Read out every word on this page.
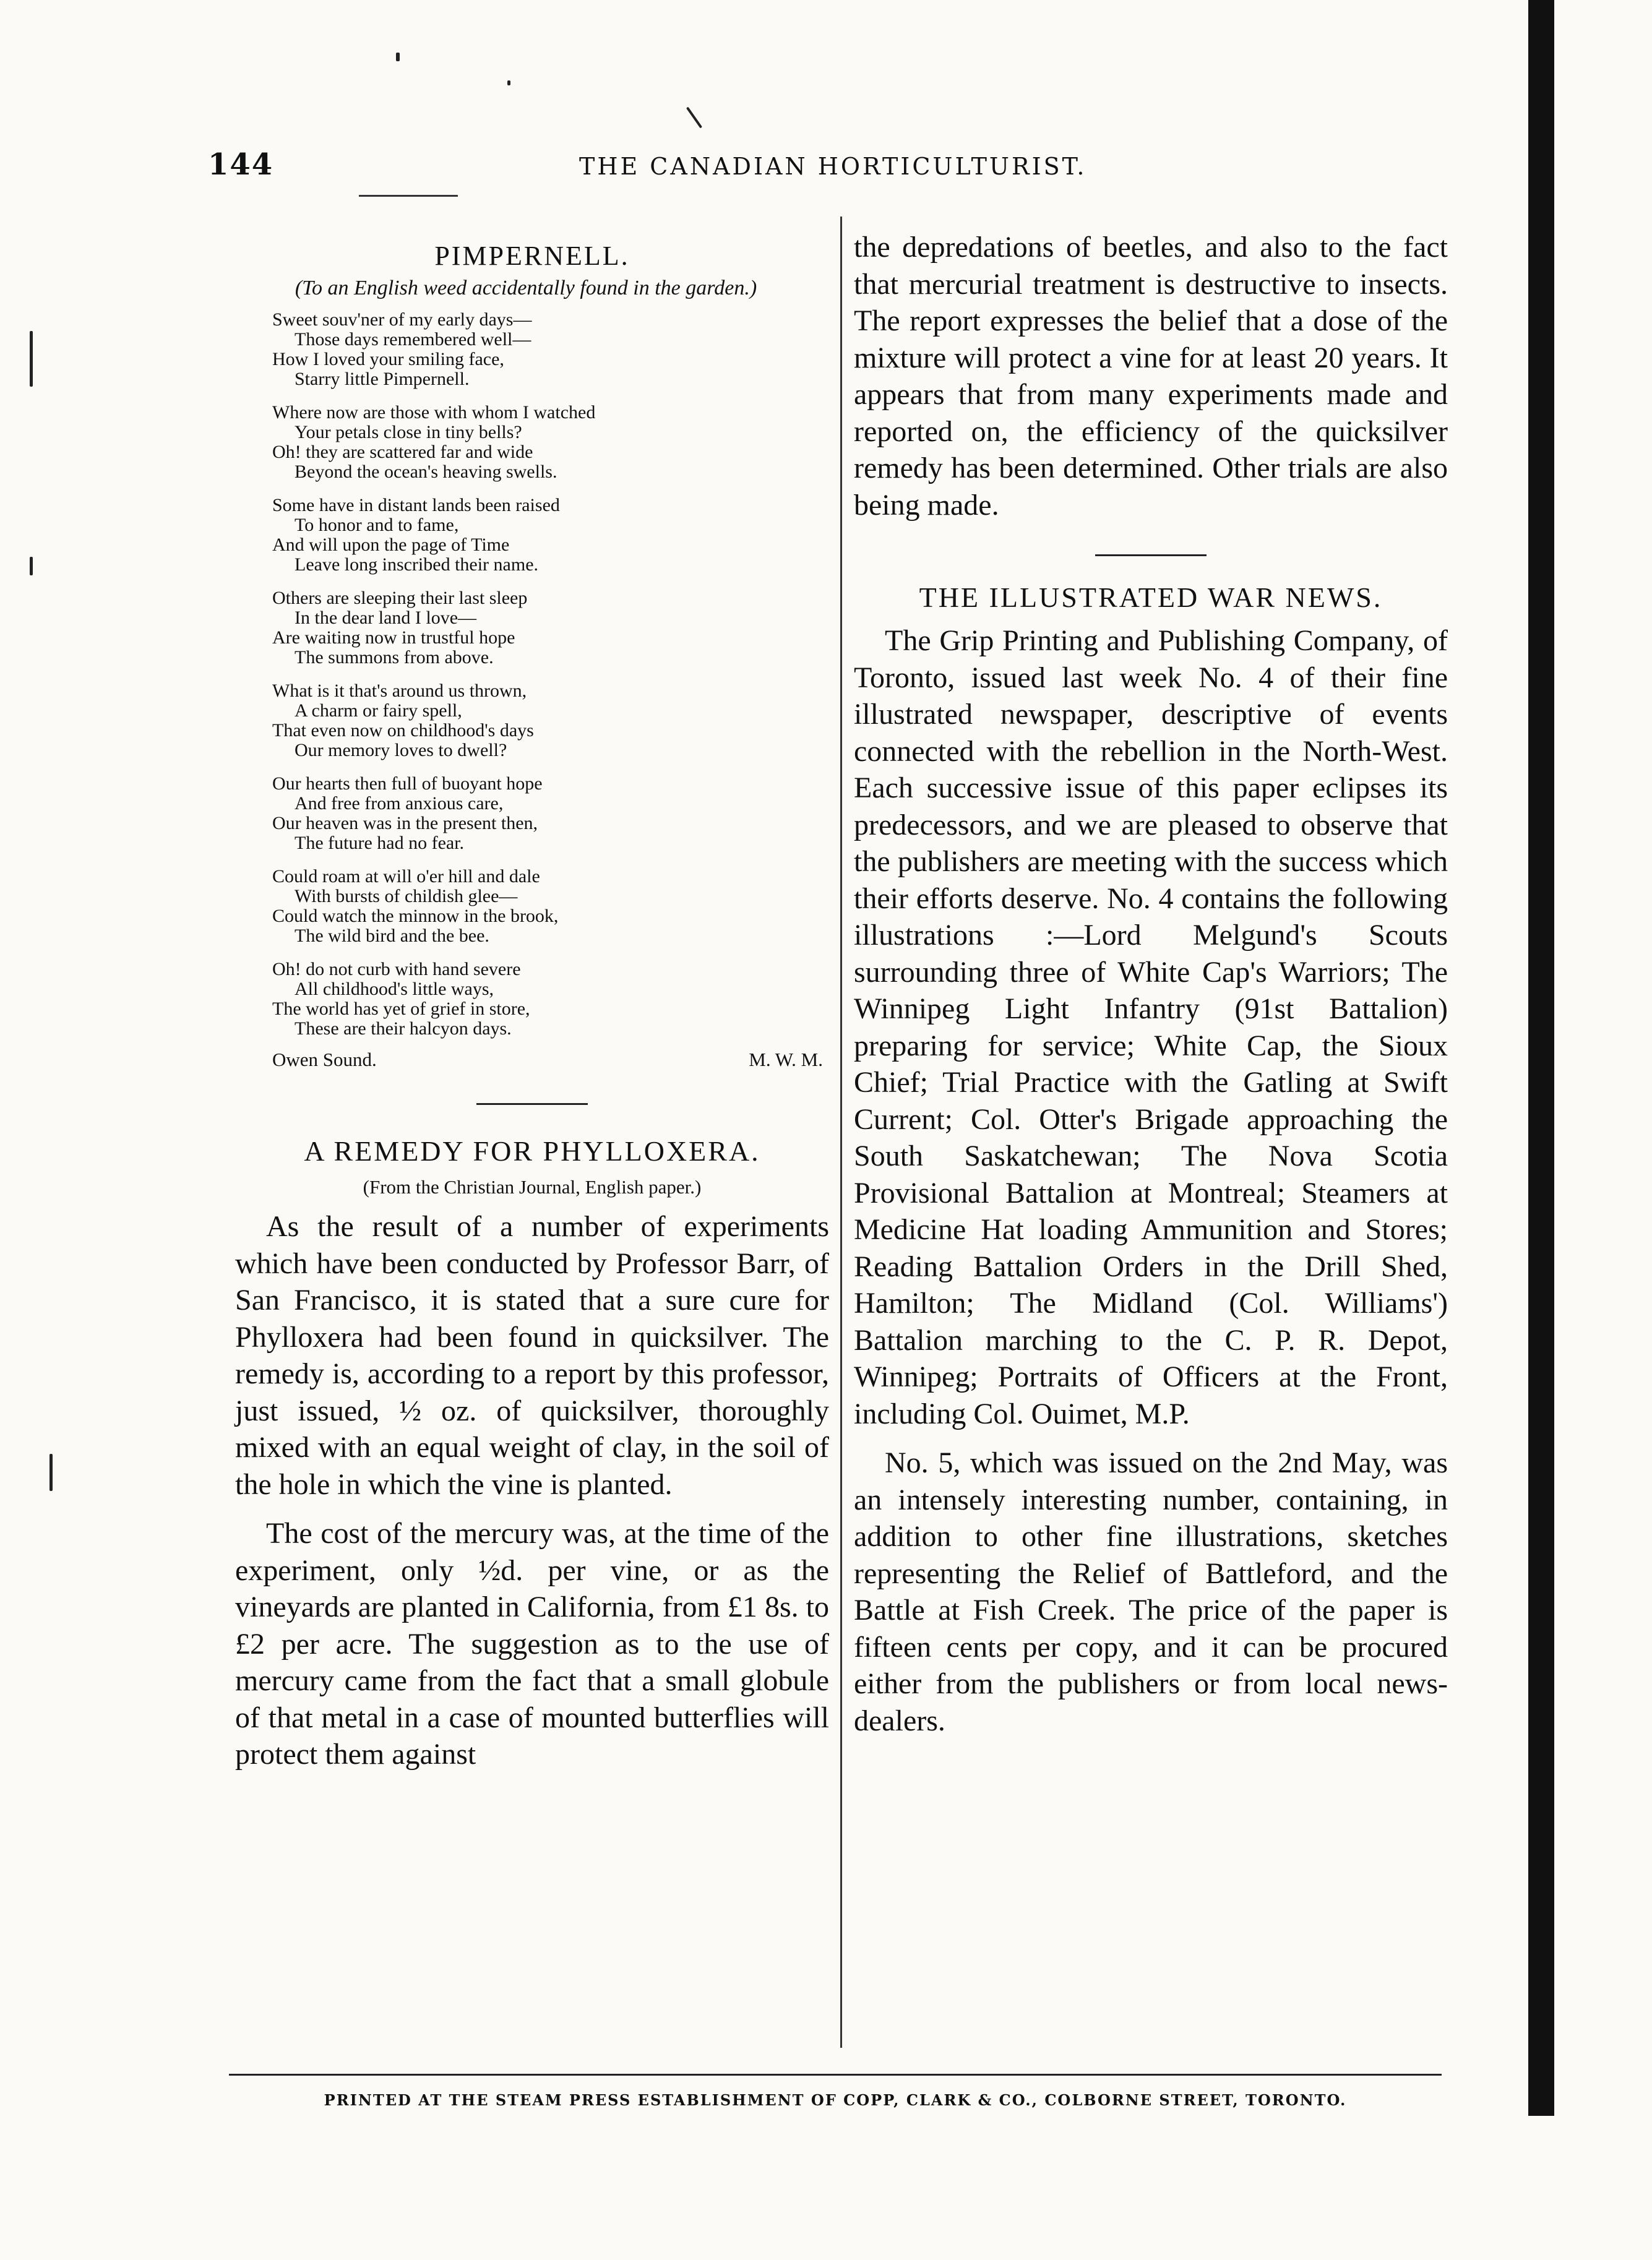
144	THE CANADIAN HORTICULTURIST.
PIMPERNELL.
(To an English weed accidentally found in the garden.)
Sweet souv'ner of my early days—
Those days remembered well—
How I loved your smiling face,
Starry little Pimpernell.
Where now are those with whom I watched
Your petals close in tiny bells?
Oh! they are scattered far and wide
Beyond the ocean's heaving swells.
Some have in distant lands been raised
To honor and to fame,
And will upon the page of Time
Leave long inscribed their name.
Others are sleeping their last sleep
In the dear land I love—
Are waiting now in trustful hope
The summons from above.
What is it that's around us thrown,
A charm or fairy spell,
That even now on childhood's days
Our memory loves to dwell?
Our hearts then full of buoyant hope
And free from anxious care,
Our heaven was in the present then,
The future had no fear.
Could roam at will o'er hill and dale
With bursts of childish glee—
Could watch the minnow in the brook,
The wild bird and the bee.
Oh! do not curb with hand severe
All childhood's little ways,
The world has yet of grief in store,
These are their halcyon days.
Owen Sound.	M. W. M.
A REMEDY FOR PHYLLOXERA.
(From the Christian Journal, English paper.)

As the result of a number of experiments which have been conducted by Professor Barr, of San Francisco, it is stated that a sure cure for Phylloxera had been found in quicksilver. The remedy is, according to a report by this professor, just issued, ½ oz. of quicksilver, thoroughly mixed with an equal weight of clay, in the soil of the hole in which the vine is planted.

The cost of the mercury was, at the time of the experiment, only ½d. per vine, or as the vineyards are planted in California, from £1 8s. to £2 per acre. The suggestion as to the use of mercury came from the fact that a small globule of that metal in a case of mounted butterflies will protect them against

the depredations of beetles, and also to the fact that mercurial treatment is destructive to insects. The report expresses the belief that a dose of the mixture will protect a vine for at least 20 years. It appears that from many experiments made and reported on, the efficiency of the quicksilver remedy has been determined. Other trials are also being made.

THE ILLUSTRATED WAR NEWS.

The Grip Printing and Publishing Company, of Toronto, issued last week No. 4 of their fine illustrated newspaper, descriptive of events connected with the rebellion in the North-West. Each successive issue of this paper eclipses its predecessors, and we are pleased to observe that the publishers are meeting with the success which their efforts deserve. No. 4 contains the following illustrations :—Lord Melgund's Scouts surrounding three of White Cap's Warriors; The Winnipeg Light Infantry (91st Battalion) preparing for service; White Cap, the Sioux Chief; Trial Practice with the Gatling at Swift Current; Col. Otter's Brigade approaching the South Saskatchewan; The Nova Scotia Provisional Battalion at Montreal; Steamers at Medicine Hat loading Ammunition and Stores; Reading Battalion Orders in the Drill Shed, Hamilton; The Midland (Col. Williams') Battalion marching to the C. P. R. Depot, Winnipeg; Portraits of Officers at the Front, including Col. Ouimet, M.P.

No. 5, which was issued on the 2nd May, was an intensely interesting number, containing, in addition to other fine illustrations, sketches representing the Relief of Battleford, and the Battle at Fish Creek. The price of the paper is fifteen cents per copy, and it can be procured either from the publishers or from local news-dealers.

PRINTED AT THE STEAM PRESS ESTABLISHMENT OF COPP, CLARK & CO., COLBORNE STREET, TORONTO.
